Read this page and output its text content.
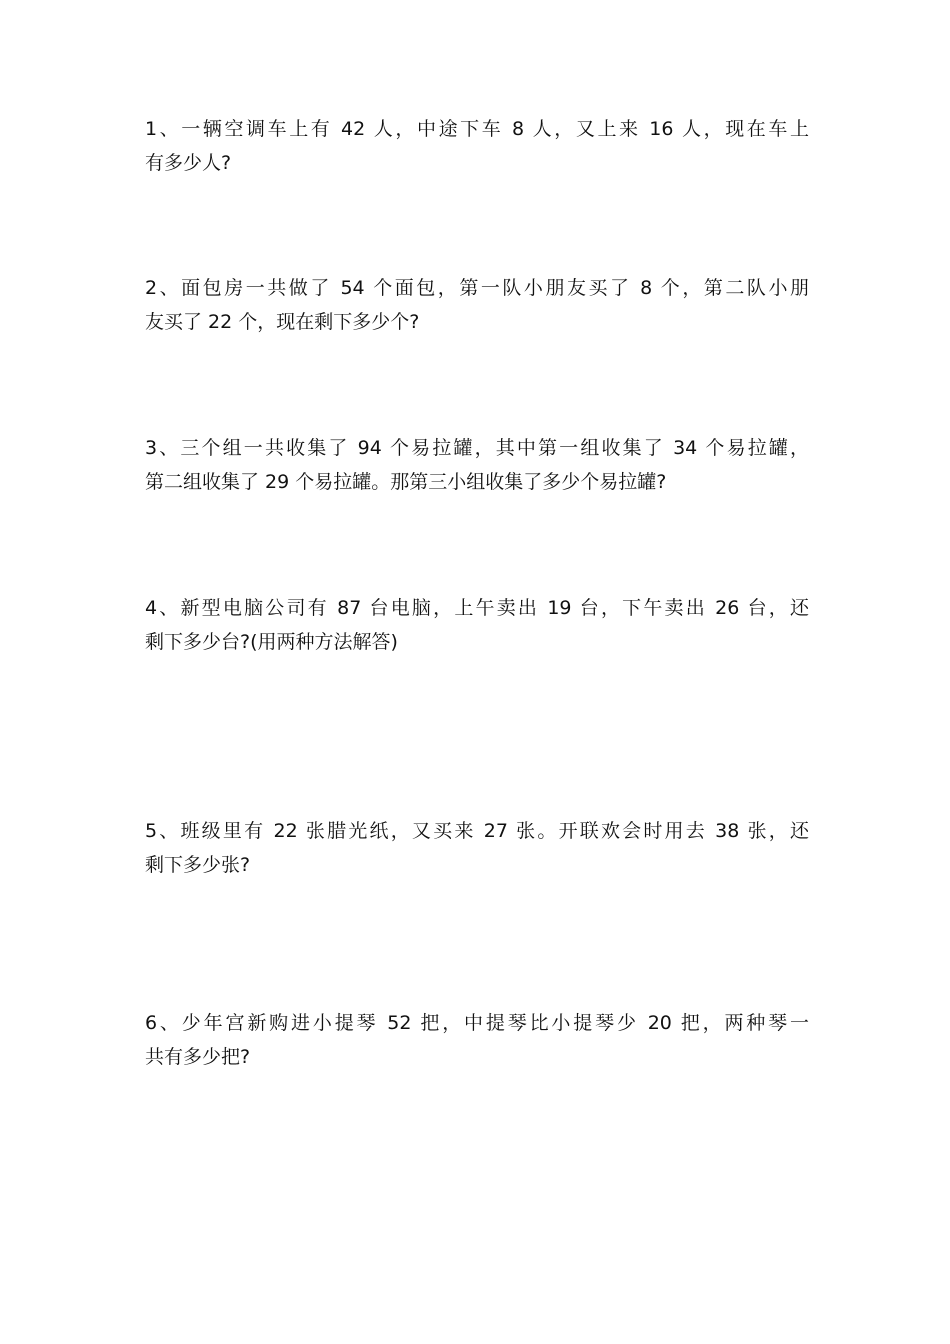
1、一辆空调车上有 42 人，中途下车 8 人，又上来 16 人，现在车上
有多少人?
2、面包房一共做了 54 个面包，第一队小朋友买了 8 个，第二队小朋
友买了 22 个，现在剩下多少个?
3、三个组一共收集了 94 个易拉罐，其中第一组收集了 34 个易拉罐，
第二组收集了 29 个易拉罐。那第三小组收集了多少个易拉罐?
4、新型电脑公司有 87 台电脑，上午卖出 19 台，下午卖出 26 台，还
剩下多少台?(用两种方法解答)
5、班级里有 22 张腊光纸，又买来 27 张。开联欢会时用去 38 张，还
剩下多少张?
6、少年宫新购进小提琴 52 把，中提琴比小提琴少 20 把，两种琴一
共有多少把?
